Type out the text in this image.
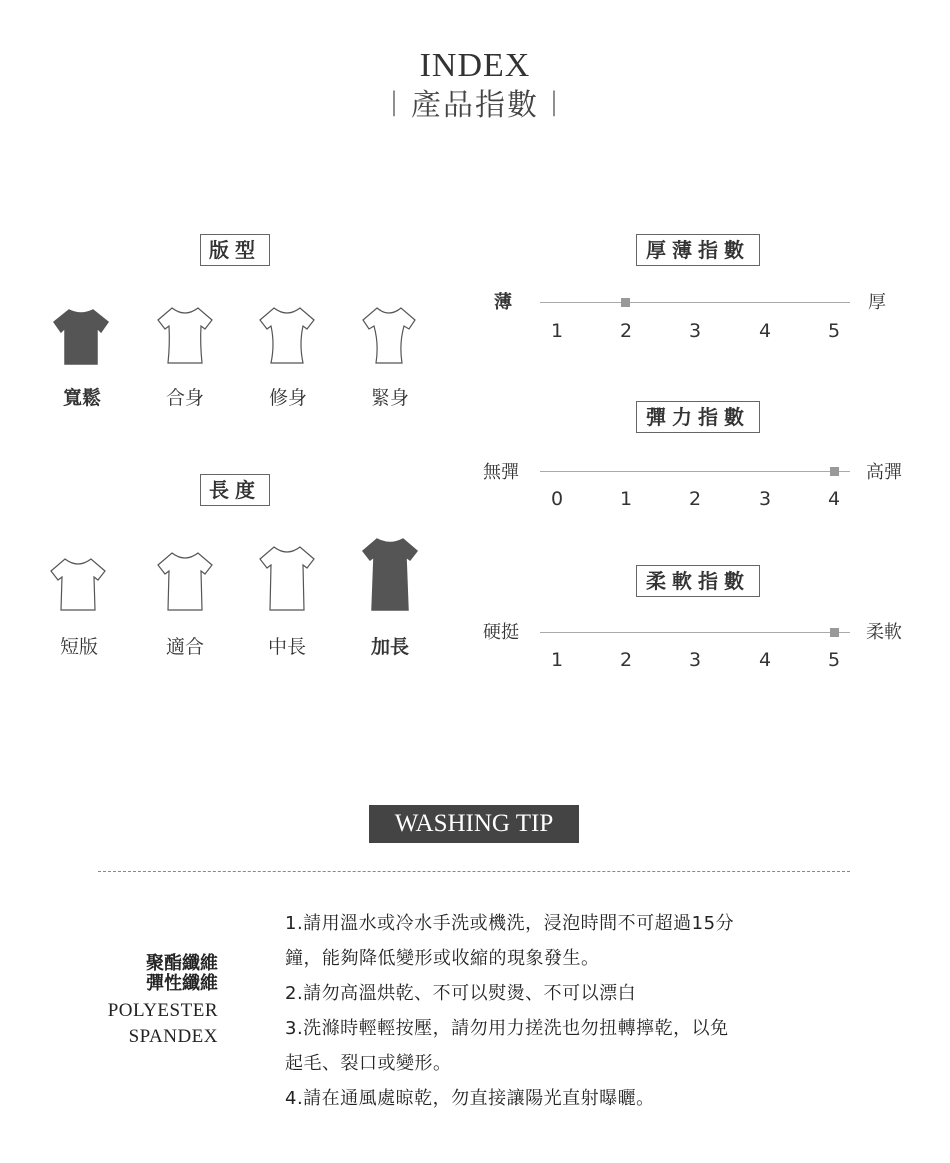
INDEX
︱產品指數︱
版型
寬鬆	合身	修身	緊身
長度
短版	適合	中長	加長
厚薄指數
薄	厚
1	2	3	4	5
彈力指數
無彈	高彈
0	1	2	3	4
柔軟指數
硬挺	柔軟
1	2	3	4	5
WASHING TIP
聚酯纖維
彈性纖維
POLYESTER
SPANDEX

1.請用溫水或冷水手洗或機洗，浸泡時間不可超過15分

鐘，能夠降低變形或收縮的現象發生。

2.請勿高溫烘乾、不可以熨燙、不可以漂白

3.洗滌時輕輕按壓，請勿用力搓洗也勿扭轉擰乾，以免

起毛、裂口或變形。

4.請在通風處晾乾，勿直接讓陽光直射曝曬。
